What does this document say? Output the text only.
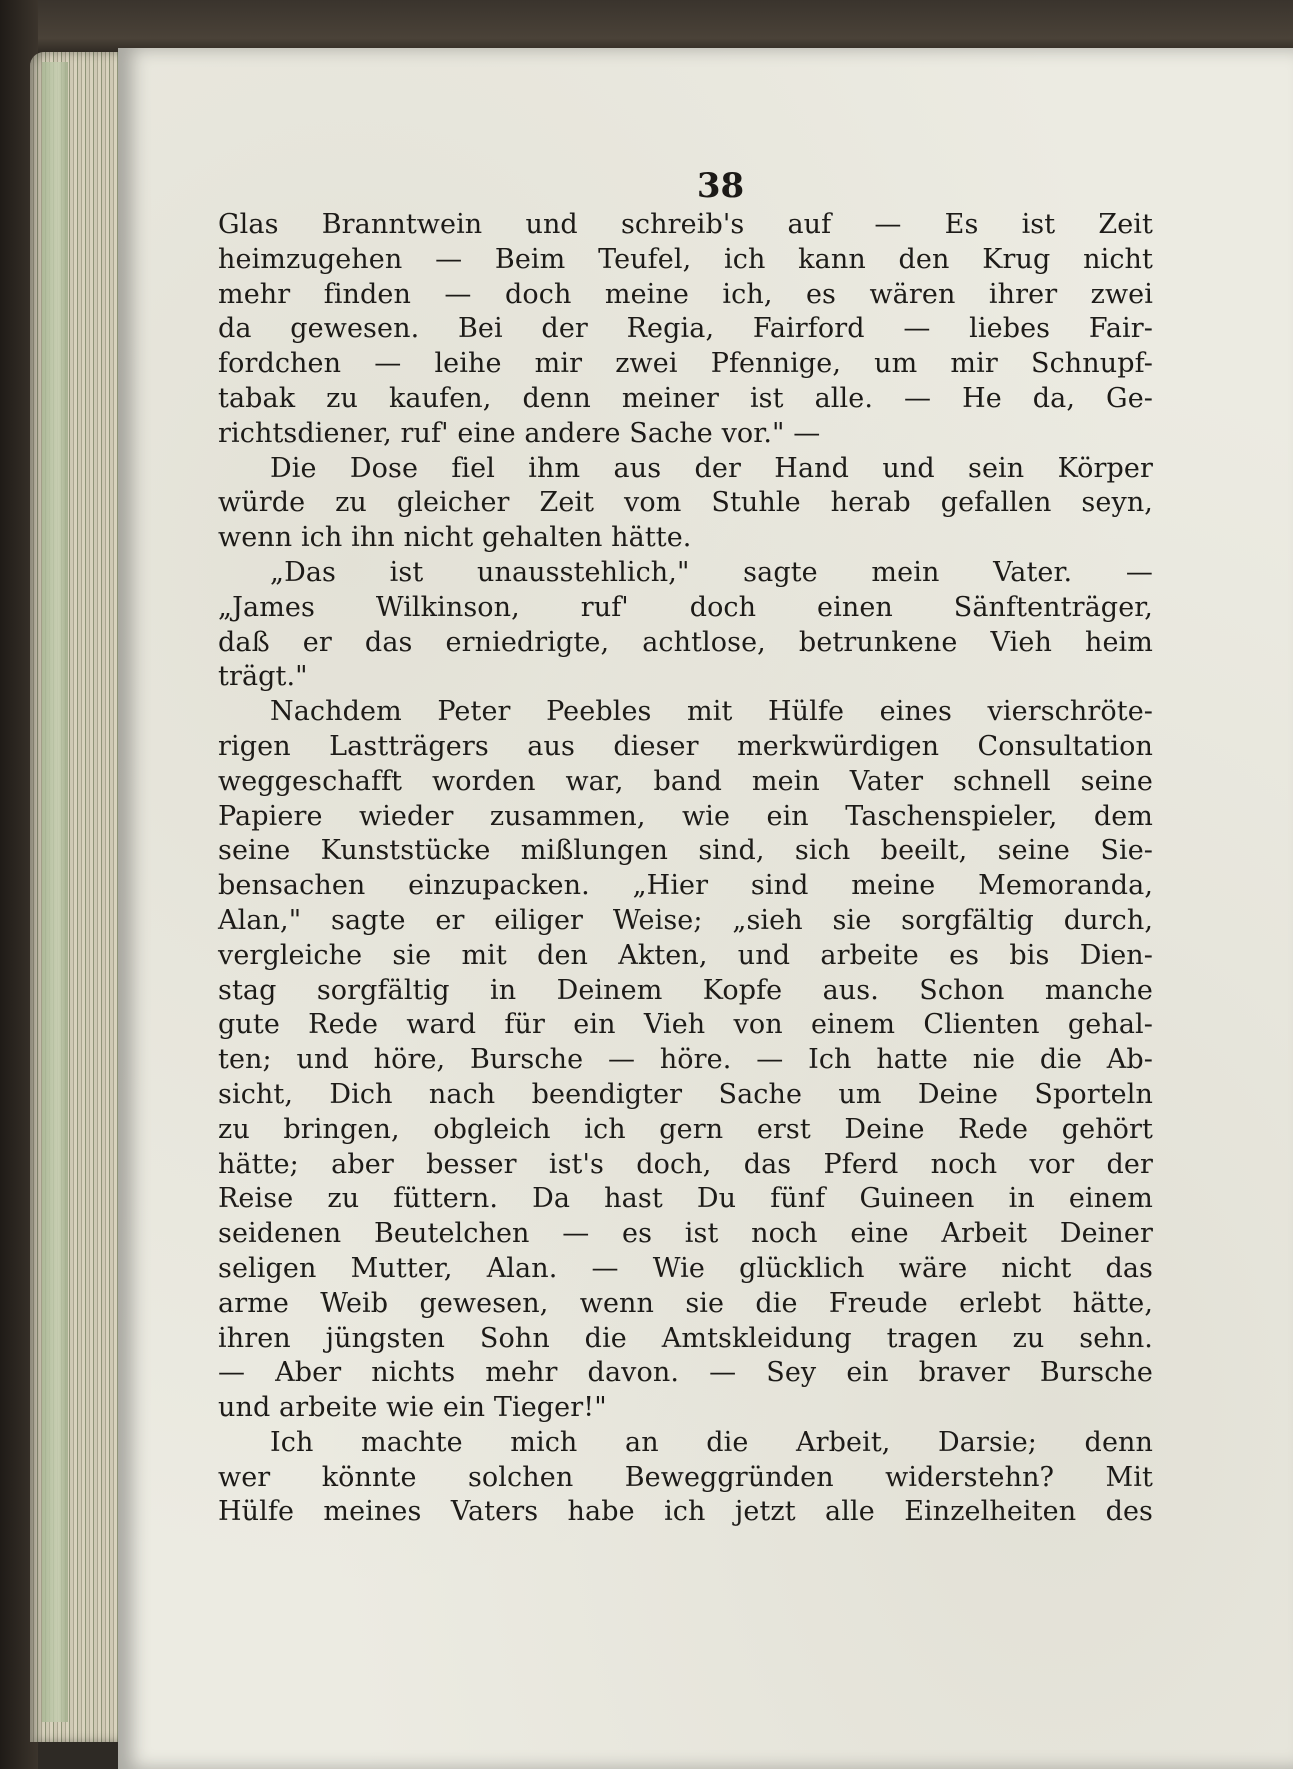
38
Glas Branntwein und schreib's auf — Es ist Zeit
heimzugehen — Beim Teufel, ich kann den Krug nicht
mehr finden — doch meine ich, es wären ihrer zwei
da gewesen. Bei der Regia, Fairford — liebes Fair-
fordchen — leihe mir zwei Pfennige, um mir Schnupf-
tabak zu kaufen, denn meiner ist alle. — He da, Ge-
richtsdiener, ruf' eine andere Sache vor." —
Die Dose fiel ihm aus der Hand und sein Körper
würde zu gleicher Zeit vom Stuhle herab gefallen seyn,
wenn ich ihn nicht gehalten hätte.
„Das ist unausstehlich," sagte mein Vater. —
„James Wilkinson, ruf' doch einen Sänftenträger,
daß er das erniedrigte, achtlose, betrunkene Vieh heim
trägt."
Nachdem Peter Peebles mit Hülfe eines vierschröte-
rigen Lastträgers aus dieser merkwürdigen Consultation
weggeschafft worden war, band mein Vater schnell seine
Papiere wieder zusammen, wie ein Taschenspieler, dem
seine Kunststücke mißlungen sind, sich beeilt, seine Sie-
bensachen einzupacken. „Hier sind meine Memoranda,
Alan," sagte er eiliger Weise; „sieh sie sorgfältig durch,
vergleiche sie mit den Akten, und arbeite es bis Dien-
stag sorgfältig in Deinem Kopfe aus. Schon manche
gute Rede ward für ein Vieh von einem Clienten gehal-
ten; und höre, Bursche — höre. — Ich hatte nie die Ab-
sicht, Dich nach beendigter Sache um Deine Sporteln
zu bringen, obgleich ich gern erst Deine Rede gehört
hätte; aber besser ist's doch, das Pferd noch vor der
Reise zu füttern. Da hast Du fünf Guineen in einem
seidenen Beutelchen — es ist noch eine Arbeit Deiner
seligen Mutter, Alan. — Wie glücklich wäre nicht das
arme Weib gewesen, wenn sie die Freude erlebt hätte,
ihren jüngsten Sohn die Amtskleidung tragen zu sehn.
— Aber nichts mehr davon. — Sey ein braver Bursche
und arbeite wie ein Tieger!"
Ich machte mich an die Arbeit, Darsie; denn
wer könnte solchen Beweggründen widerstehn? Mit
Hülfe meines Vaters habe ich jetzt alle Einzelheiten des
